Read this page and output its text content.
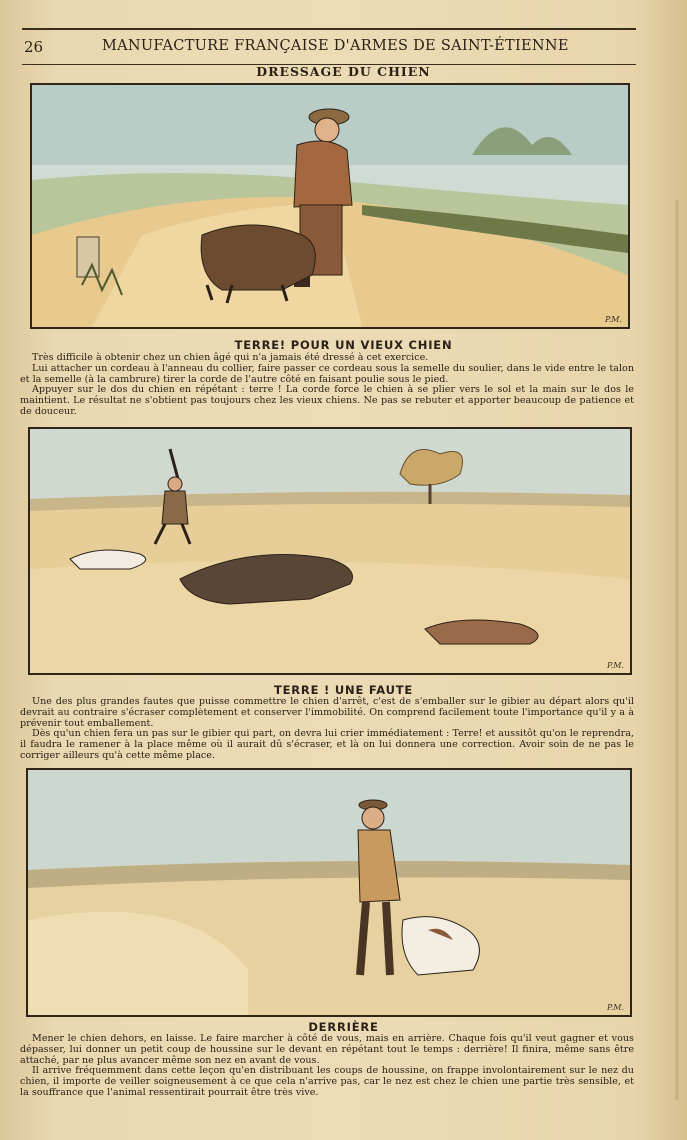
26	MANUFACTURE FRANÇAISE D'ARMES DE SAINT-ÉTIENNE
DRESSAGE DU CHIEN
P.M.
TERRE! POUR UN VIEUX CHIEN

Très difficile à obtenir chez un chien âgé qui n'a jamais été dressé à cet exercice.

Lui attacher un cordeau à l'anneau du collier, faire passer ce cordeau sous la semelle du soulier, dans le vide entre le talon et la semelle (à la cambrure) tirer la corde de l'autre côté en faisant poulie sous le pied.

Appuyer sur le dos du chien en répétant : terre ! La corde force le chien à se plier vers le sol et la main sur le dos le maintient. Le résultat ne s'obtient pas toujours chez les vieux chiens. Ne pas se rebuter et apporter beaucoup de patience et de douceur.

P.M.
TERRE ! UNE FAUTE

Une des plus grandes fautes que puisse commettre le chien d'arrêt, c'est de s'emballer sur le gibier au départ alors qu'il devrait au contraire s'écraser complètement et conserver l'immobilité. On comprend facilement toute l'importance qu'il y a à prévenir tout emballement.

Dès qu'un chien fera un pas sur le gibier qui part, on devra lui crier immédiatement : Terre! et aussitôt qu'on le reprendra, il faudra le ramener à la place même où il aurait dû s'écraser, et là on lui donnera une correction. Avoir soin de ne pas le corriger ailleurs qu'à cette même place.

P.M.
DERRIÈRE

Mener le chien dehors, en laisse. Le faire marcher à côté de vous, mais en arrière. Chaque fois qu'il veut gagner et vous dépasser, lui donner un petit coup de houssine sur le devant en répétant tout le temps : derrière! Il finira, même sans être attaché, par ne plus avancer même son nez en avant de vous.

Il arrive fréquemment dans cette leçon qu'en distribuant les coups de houssine, on frappe involontairement sur le nez du chien, il importe de veiller soigneusement à ce que cela n'arrive pas, car le nez est chez le chien une partie très sensible, et la souffrance que l'animal ressentirait pourrait être très vive.
